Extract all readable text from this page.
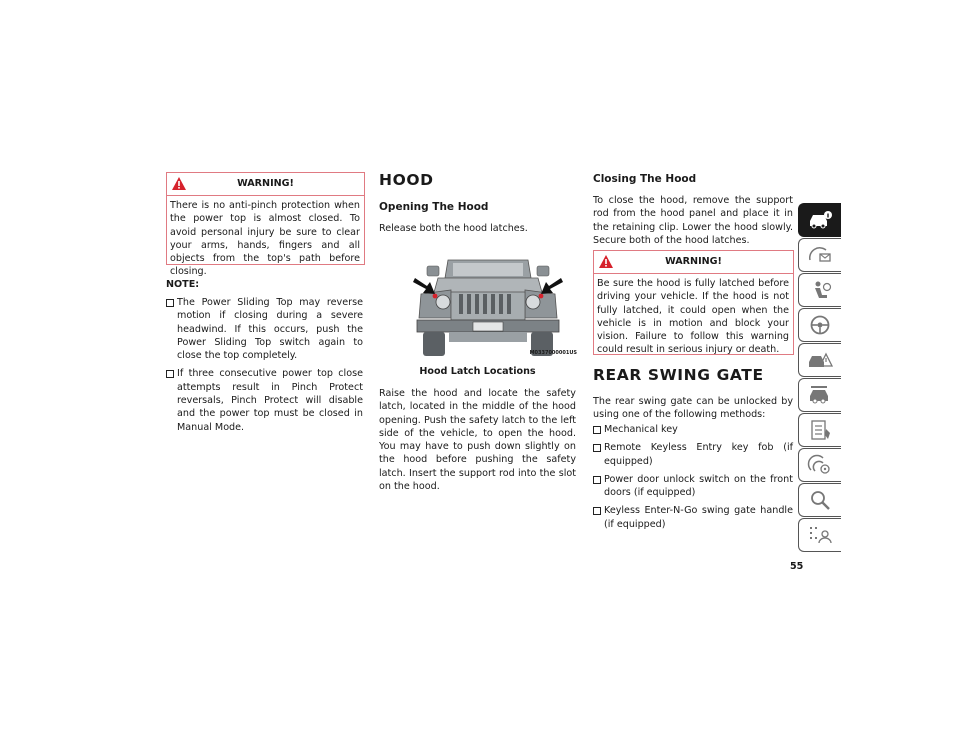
WARNING!

There is no anti-pinch protection when the power top is almost closed. To avoid personal injury be sure to clear your arms, hands, fingers and all objects from the top's path before closing.

NOTE:
The Power Sliding Top may reverse motion if closing during a severe headwind. If this occurs, push the Power Sliding Top switch again to close the top completely.
If three consecutive power top close attempts result in Pinch Protect reversals, Pinch Protect will disable and the power top must be closed in Manual Mode.
HOOD
Opening The Hood

Release both the hood latches.

M0337000001US
Hood Latch Locations

Raise the hood and locate the safety latch, located in the middle of the hood opening. Push the safety latch to the left side of the vehicle, to open the hood. You may have to push down slightly on the hood before pushing the safety latch. Insert the support rod into the slot on the hood.

Closing The Hood

To close the hood, remove the support rod from the hood panel and place it in the retaining clip. Lower the hood slowly. Secure both of the hood latches.

WARNING!

Be sure the hood is fully latched before driving your vehicle. If the hood is not fully latched, it could open when the vehicle is in motion and block your vision. Failure to follow this warning could result in serious injury or death.

REAR SWING GATE

The rear swing gate can be unlocked by using one of the following methods:

Mechanical key
Remote Keyless Entry key fob (if equipped)
Power door unlock switch on the front doors (if equipped)
Keyless Enter-N-Go swing gate handle (if equipped)
55
